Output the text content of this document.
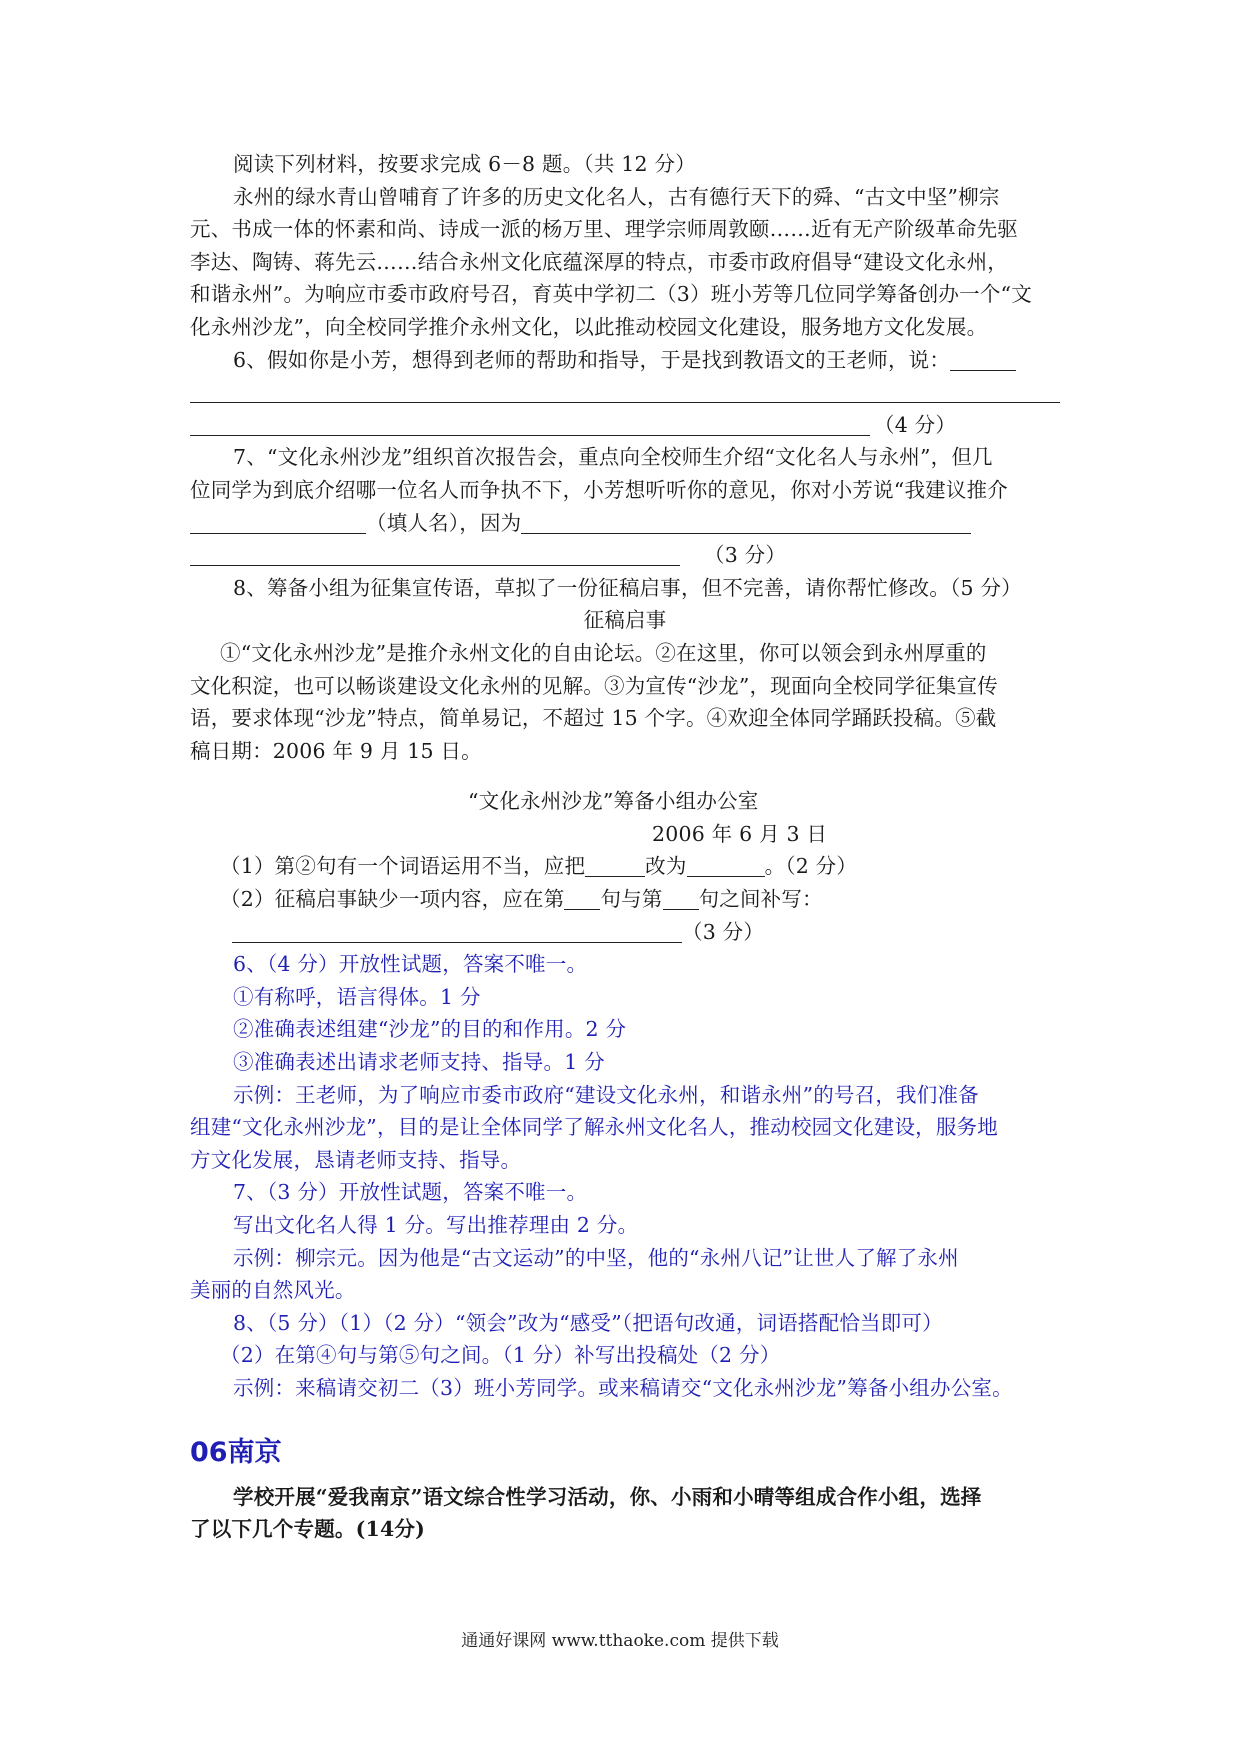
阅读下列材料，按要求完成 6－8 题。（共 12 分）
永州的绿水青山曾哺育了许多的历史文化名人，古有德行天下的舜、“古文中坚”柳宗
元、书成一体的怀素和尚、诗成一派的杨万里、理学宗师周敦颐……近有无产阶级革命先驱
李达、陶铸、蒋先云……结合永州文化底蕴深厚的特点，市委市政府倡导“建设文化永州，
和谐永州”。为响应市委市政府号召，育英中学初二（3）班小芳等几位同学筹备创办一个“文
化永州沙龙”，向全校同学推介永州文化，以此推动校园文化建设，服务地方文化发展。
6、假如你是小芳，想得到老师的帮助和指导，于是找到教语文的王老师，说：
（4 分）
7、“文化永州沙龙”组织首次报告会，重点向全校师生介绍“文化名人与永州”，但几
位同学为到底介绍哪一位名人而争执不下，小芳想听听你的意见，你对小芳说“我建议推介
（填人名），因为
（3 分）
8、筹备小组为征集宣传语，草拟了一份征稿启事，但不完善，请你帮忙修改。（5 分）
征稿启事
①“文化永州沙龙”是推介永州文化的自由论坛。②在这里，你可以领会到永州厚重的
文化积淀，也可以畅谈建设文化永州的见解。③为宣传“沙龙”，现面向全校同学征集宣传
语，要求体现“沙龙”特点，简单易记，不超过 15 个字。④欢迎全体同学踊跃投稿。⑤截
稿日期：2006 年 9 月 15 日。
“文化永州沙龙”筹备小组办公室
2006 年 6 月 3 日
（1）第②句有一个词语运用不当，应把	改为	。（2 分）
（2）征稿启事缺少一项内容，应在第 句与第 句之间补写：
（3 分）
6、（4 分）开放性试题，答案不唯一。
①有称呼，语言得体。1 分
②准确表述组建“沙龙”的目的和作用。2 分
③准确表述出请求老师支持、指导。1 分
示例：王老师，为了响应市委市政府“建设文化永州，和谐永州”的号召，我们准备
组建“文化永州沙龙”，目的是让全体同学了解永州文化名人，推动校园文化建设，服务地
方文化发展，恳请老师支持、指导。
7、（3 分）开放性试题，答案不唯一。
写出文化名人得 1 分。写出推荐理由 2 分。
示例：柳宗元。因为他是“古文运动”的中坚，他的“永州八记”让世人了解了永州
美丽的自然风光。
8、（5 分）（1）（2 分）“领会”改为“感受”（把语句改通，词语搭配恰当即可）
（2）在第④句与第⑤句之间。（1 分）补写出投稿处（2 分）
示例：来稿请交初二（3）班小芳同学。或来稿请交“文化永州沙龙”筹备小组办公室。
06南京
学校开展“爱我南京”语文综合性学习活动，你、小雨和小晴等组成合作小组，选择
了以下几个专题。(14分)
通通好课网 www.tthaoke.com 提供下载
